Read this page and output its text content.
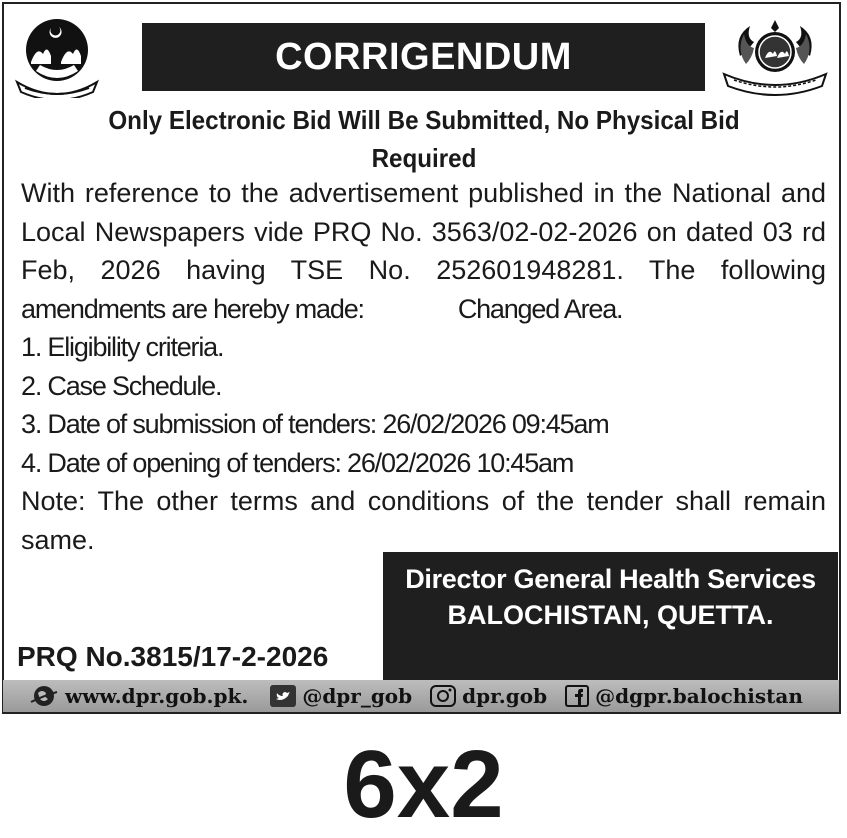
CORRIGENDUM
Only Electronic Bid Will Be Submitted, No Physical Bid Required
With reference to the advertisement published in the National and
Local Newspapers vide PRQ No. 3563/02-02-2026 on dated 03 rd
Feb, 2026 having TSE No. 252601948281. The following
amendments are hereby made:	Changed Area.
1. Eligibility criteria.
2. Case Schedule.
3. Date of submission of tenders: 26/02/2026 09:45am
4. Date of opening of tenders: 26/02/2026 10:45am
Note: The other terms and conditions of the tender shall remain
same.
Director General Health Services
BALOCHISTAN, QUETTA.
PRQ No.3815/17-2-2026
www.dpr.gob.pk.	@dpr_gob	dpr.gob @dgpr.balochistan
6x2
